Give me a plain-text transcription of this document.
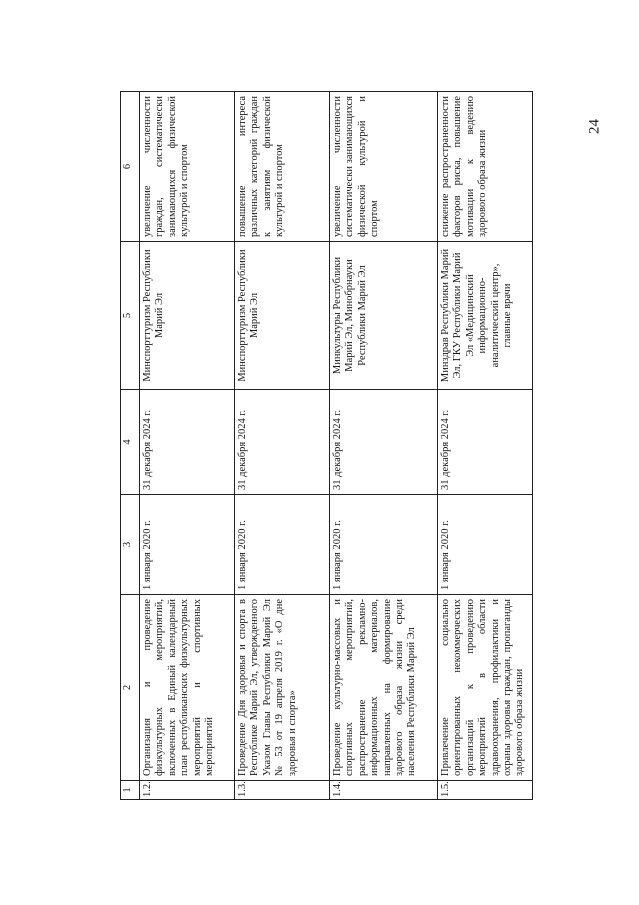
24
1	2	3	4	5	6
1.2.	Организация и проведение физкультурных мероприятий, включенных в Единый календарный план республиканских физкультурных мероприятий и спортивных мероприятий	1 января 2020 г.	31 декабря 2024 г.	Минспорттуризм Республики Марий Эл	увеличение численности граждан, систематически занимающихся физической культурой и спортом
1.3.	Проведение Дня здоровья и спорта в Республике Марий Эл, утвержденного Указом Главы Республики Марий Эл № 53 от 19 апреля 2019 г. «О дне здоровья и спорта»	1 января 2020 г.	31 декабря 2024 г.	Минспорттуризм Республики Марий Эл	повышение интереса различных категорий граждан к занятиям физической культурой и спортом
1.4.	Проведение культурно-массовых и спортивных мероприятий, распространение рекламно-информационных материалов, направленных на формирование здорового образа жизни среди населения Республики Марий Эл	1 января 2020 г.	31 декабря 2024 г.	Минкультуры Республики Марий Эл, Минобрнауки Республики Марий Эл	увеличение численности систематически занимающихся физической культурой и спортом
1.5.	Привлечение социально ориентированных некоммерческих организаций к проведению мероприятий в области здравоохранения, профилактики и охраны здоровья граждан, пропаганды здорового образа жизни	1 января 2020 г.	31 декабря 2024 г.	Минздрав Республики Марий Эл, ГКУ Республики Марий Эл «Медицинский информационно-аналитический центр», главные врачи	снижение распространенности факторов риска, повышение мотивации к ведению здорового образа жизни
